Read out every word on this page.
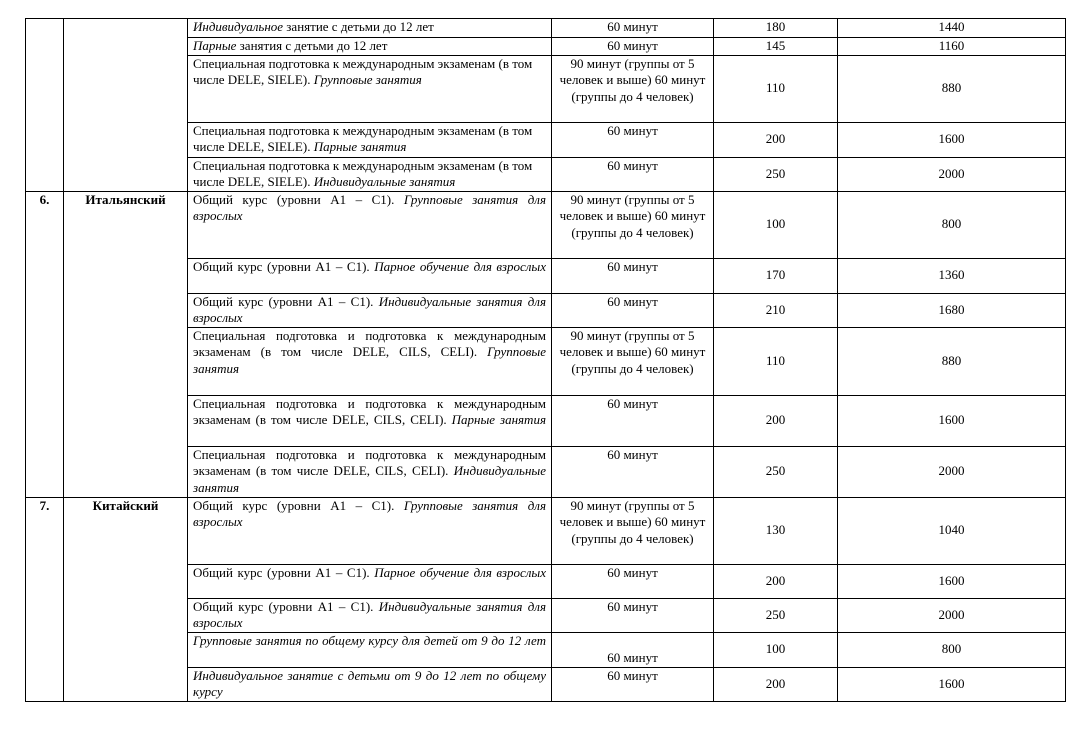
		Индивидуальное занятие с детьми до 12 лет	60 минут	180	1440
		Парные занятия с детьми до 12 лет	60 минут	145	1160
		Специальная подготовка к международным экзаменам (в том числе DELE, SIELE). Групповые занятия	90 минут (группы от 5 человек и выше) 60 минут (группы до 4 человек)	110	880
		Специальная подготовка к международным экзаменам (в том числе DELE, SIELE). Парные занятия	60 минут	200	1600
		Специальная подготовка к международным экзаменам (в том числе DELE, SIELE). Индивидуальные занятия	60 минут	250	2000
6.	Итальянский	Общий курс (уровни А1 – С1). Групповые занятия для взрослых	90 минут (группы от 5 человек и выше) 60 минут (группы до 4 человек)	100	800
		Общий курс (уровни А1 – С1). Парное обучение для взрослых	60 минут	170	1360
		Общий курс (уровни А1 – С1). Индивидуальные занятия для взрослых	60 минут	210	1680
		Специальная подготовка и подготовка к международным экзаменам (в том числе DELE, CILS, CELI). Групповые занятия	90 минут (группы от 5 человек и выше) 60 минут (группы до 4 человек)	110	880
		Специальная подготовка и подготовка к международным экзаменам (в том числе DELE, CILS, CELI). Парные занятия	60 минут	200	1600
		Специальная подготовка и подготовка к международным экзаменам (в том числе DELE, CILS, CELI). Индивидуальные занятия	60 минут	250	2000
7.	Китайский	Общий курс (уровни А1 – С1). Групповые занятия для взрослых	90 минут (группы от 5 человек и выше) 60 минут (группы до 4 человек)	130	1040
		Общий курс (уровни А1 – С1). Парное обучение для взрослых	60 минут	200	1600
		Общий курс (уровни А1 – С1). Индивидуальные занятия для взрослых	60 минут	250	2000
		Групповые занятия по общему курсу для детей от 9 до 12 лет	60 минут	100	800
		Индивидуальное занятие с детьми от 9 до 12 лет по общему курсу	60 минут	200	1600
